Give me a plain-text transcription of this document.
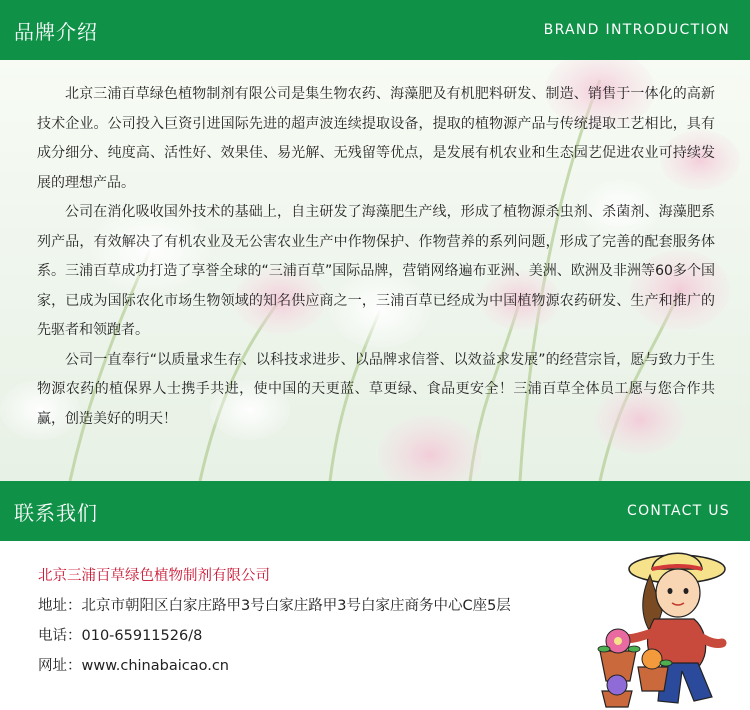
品牌介绍	BRAND INTRODUCTION

北京三浦百草绿色植物制剂有限公司是集生物农药、海藻肥及有机肥料研发、制造、销售于一体化的高新技术企业。公司投入巨资引进国际先进的超声波连续提取设备，提取的植物源产品与传统提取工艺相比，具有成分细分、纯度高、活性好、效果佳、易光解、无残留等优点，是发展有机农业和生态园艺促进农业可持续发展的理想产品。

公司在消化吸收国外技术的基础上，自主研发了海藻肥生产线，形成了植物源杀虫剂、杀菌剂、海藻肥系列产品，有效解决了有机农业及无公害农业生产中作物保护、作物营养的系列问题，形成了完善的配套服务体系。三浦百草成功打造了享誉全球的“三浦百草”国际品牌，营销网络遍布亚洲、美洲、欧洲及非洲等60多个国家，已成为国际农化市场生物领域的知名供应商之一，三浦百草已经成为中国植物源农药研发、生产和推广的先驱者和领跑者。

公司一直奉行“以质量求生存、以科技求进步、以品牌求信誉、以效益求发展”的经营宗旨，愿与致力于生物源农药的植保界人士携手共进，使中国的天更蓝、草更绿、食品更安全！三浦百草全体员工愿与您合作共赢，创造美好的明天！

联系我们	CONTACT US
北京三浦百草绿色植物制剂有限公司
地址：北京市朝阳区白家庄路甲3号白家庄路甲3号白家庄商务中心C座5层
电话：010-65911526/8
网址：www.chinabaicao.cn
